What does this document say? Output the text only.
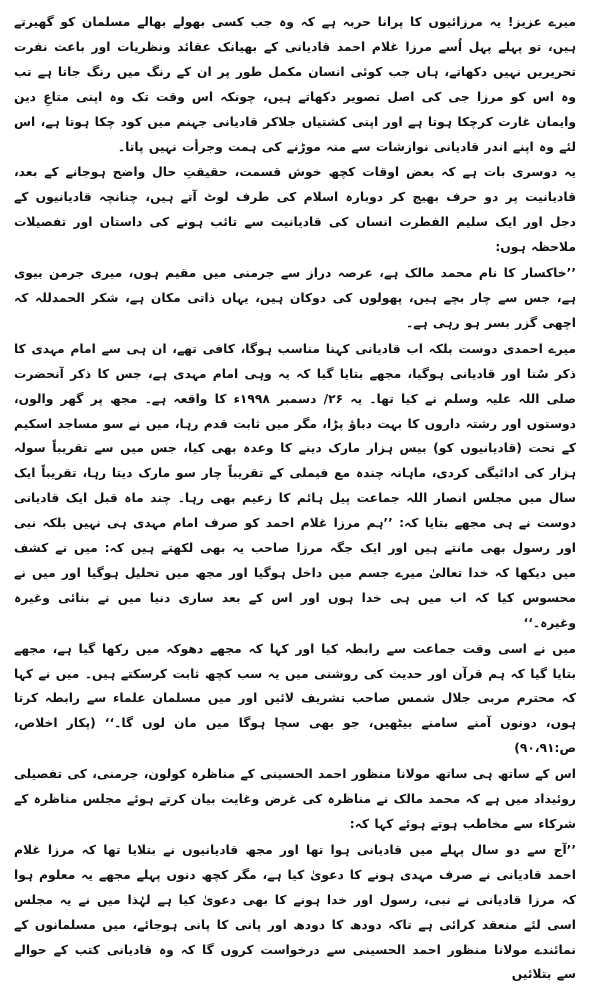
میرے عزیز! یہ مرزائیوں کا پرانا حربہ ہے کہ وہ جب کسی بھولے بھالے مسلمان کو گھیرتے ہیں، تو پہلے پہل اُسے مرزا غلام احمد قادیانی کے بھیانک عقائد ونظریات اور باعث نفرت تحریریں نہیں دکھاتے، ہاں جب کوئی انسان مکمل طور پر ان کے رنگ میں رنگ جاتا ہے تب وہ اس کو مرزا جی کی اصل تصویر دکھاتے ہیں، چونکہ اس وقت تک وہ اپنی متاعِ دین وایمان غارت کرچکا ہوتا ہے اور اپنی کشتیاں جلاکر قادیانی جہنم میں کود چکا ہوتا ہے، اس لئے وہ اپنے اندر قادیانی نوازشات سے منہ موڑنے کی ہمت وجرأت نہیں پاتا۔

یہ دوسری بات ہے کہ بعض اوقات کچھ خوش قسمت، حقیقتِ حال واضح ہوجانے کے بعد، قادیانیت پر دو حرف بھیج کر دوبارہ اسلام کی طرف لوٹ آتے ہیں، چنانچہ قادیانیوں کے دجل اور ایک سلیم الفطرت انسان کی قادیانیت سے تائب ہونے کی داستان اور تفصیلات ملاحظہ ہوں:

’’خاکسار کا نام محمد مالک ہے، عرصہ دراز سے جرمنی میں مقیم ہوں، میری جرمن بیوی ہے، جس سے چار بچے ہیں، پھولوں کی دوکان ہیں، یہاں ذاتی مکان ہے، شکر الحمدللہ کہ اچھی گزر بسر ہو رہی ہے۔

میرے احمدی دوست بلکہ اب قادیانی کہنا مناسب ہوگا، کافی تھے، ان ہی سے امام مہدی کا ذکر سُنا اور قادیانی ہوگیا، مجھے بتایا گیا کہ یہ وہی امام مہدی ہے، جس کا ذکر آنحضرت صلی اللہ علیہ وسلم نے کیا تھا۔ یہ ۲۶/ دسمبر ۱۹۹۸ء کا واقعہ ہے۔ مجھ پر گھر والوں، دوستوں اور رشتہ داروں کا بہت دباؤ پڑا، مگر میں ثابت قدم رہا، میں نے سو مساجد اسکیم کے تحت (قادیانیوں کو) بیس ہزار مارک دینے کا وعدہ بھی کیا، جس میں سے تقریباً سولہ ہزار کی ادائیگی کردی، ماہانہ چندہ مع فیملی کے تقریباً چار سو مارک دیتا رہا، تقریباً ایک سال میں مجلس انصار اللہ جماعت پیل ہائم کا زعیم بھی رہا۔ چند ماہ قبل ایک قادیانی دوست نے ہی مجھے بتایا کہ: ’’ہم مرزا غلام احمد کو صرف امام مہدی ہی نہیں بلکہ نبی اور رسول بھی مانتے ہیں اور ایک جگہ مرزا صاحب یہ بھی لکھتے ہیں کہ: میں نے کشف میں دیکھا کہ خدا تعالیٰ میرے جسم میں داخل ہوگیا اور مجھ میں تحلیل ہوگیا اور میں نے محسوس کیا کہ اب میں ہی خدا ہوں اور اس کے بعد ساری دنیا میں نے بنائی وغیرہ وغیرہ۔‘‘

میں نے اسی وقت جماعت سے رابطہ کیا اور کہا کہ مجھے دھوکہ میں رکھا گیا ہے، مجھے بتایا گیا کہ ہم قرآن اور حدیث کی روشنی میں یہ سب کچھ ثابت کرسکتے ہیں۔ میں نے کہا کہ محترم مربی جلال شمس صاحب تشریف لائیں اور میں مسلمان علماء سے رابطہ کرتا ہوں، دونوں آمنے سامنے بیٹھیں، جو بھی سچا ہوگا میں مان لوں گا۔‘‘ (پکار اخلاص، ص:۹۰،۹۱)

اس کے ساتھ ہی ساتھ مولانا منظور احمد الحسینی کے مناظرہ کولون، جرمنی، کی تفصیلی روئیداد میں ہے کہ محمد مالک نے مناظرہ کی غرض وغایت بیان کرتے ہوئے مجلس مناظرہ کے شرکاء سے مخاطب ہوتے ہوئے کہا کہ:

’’آج سے دو سال پہلے میں قادیانی ہوا تھا اور مجھ قادیانیوں نے بتلایا تھا کہ مرزا غلام احمد قادیانی نے صرف مہدی ہونے کا دعویٰ کیا ہے، مگر کچھ دنوں پہلے مجھے یہ معلوم ہوا کہ مرزا قادیانی نے نبی، رسول اور خدا ہونے کا بھی دعویٰ کیا ہے لہٰذا میں نے یہ مجلس اسی لئے منعقد کرائی ہے تاکہ دودھ کا دودھ اور پانی کا پانی ہوجائے، میں مسلمانوں کے نمائندے مولانا منظور احمد الحسینی سے درخواست کروں گا کہ وہ قادیانی کتب کے حوالے سے بتلائیں
